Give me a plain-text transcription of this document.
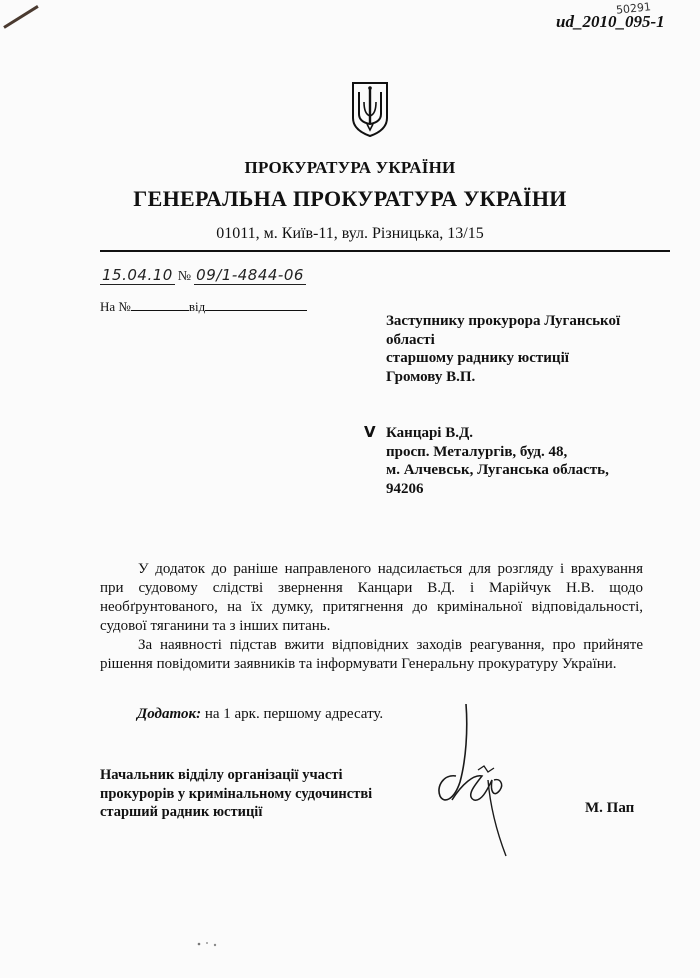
50291
ud_2010_095-1
ПРОКУРАТУРА УКРАЇНИ
ГЕНЕРАЛЬНА ПРОКУРАТУРА УКРАЇНИ
01011, м. Київ-11, вул. Різницька, 13/15
15.04.10 № 09/1-4844-06
На №	від
Заступнику прокурора Луганської
області
старшому раднику юстиції
Громову В.П.
V Канцарі В.Д.
просп. Металургів, буд. 48,
м. Алчевськ, Луганська область,
94206

У додаток до раніше направленого надсилається для розгляду і врахування при судовому слідстві звернення Канцари В.Д. і Марійчук Н.В. щодо необґрунтованого, на їх думку, притягнення до кримінальної відповідальності, судової тяганини та з інших питань.

За наявності підстав вжити відповідних заходів реагування, про прийняте рішення повідомити заявників та інформувати Генеральну прокуратуру України.

Додаток: на 1 арк. першому адресату.
Начальник відділу організації участі
прокурорів у кримінальному судочинстві
старший радник юстиції	М. Пап
